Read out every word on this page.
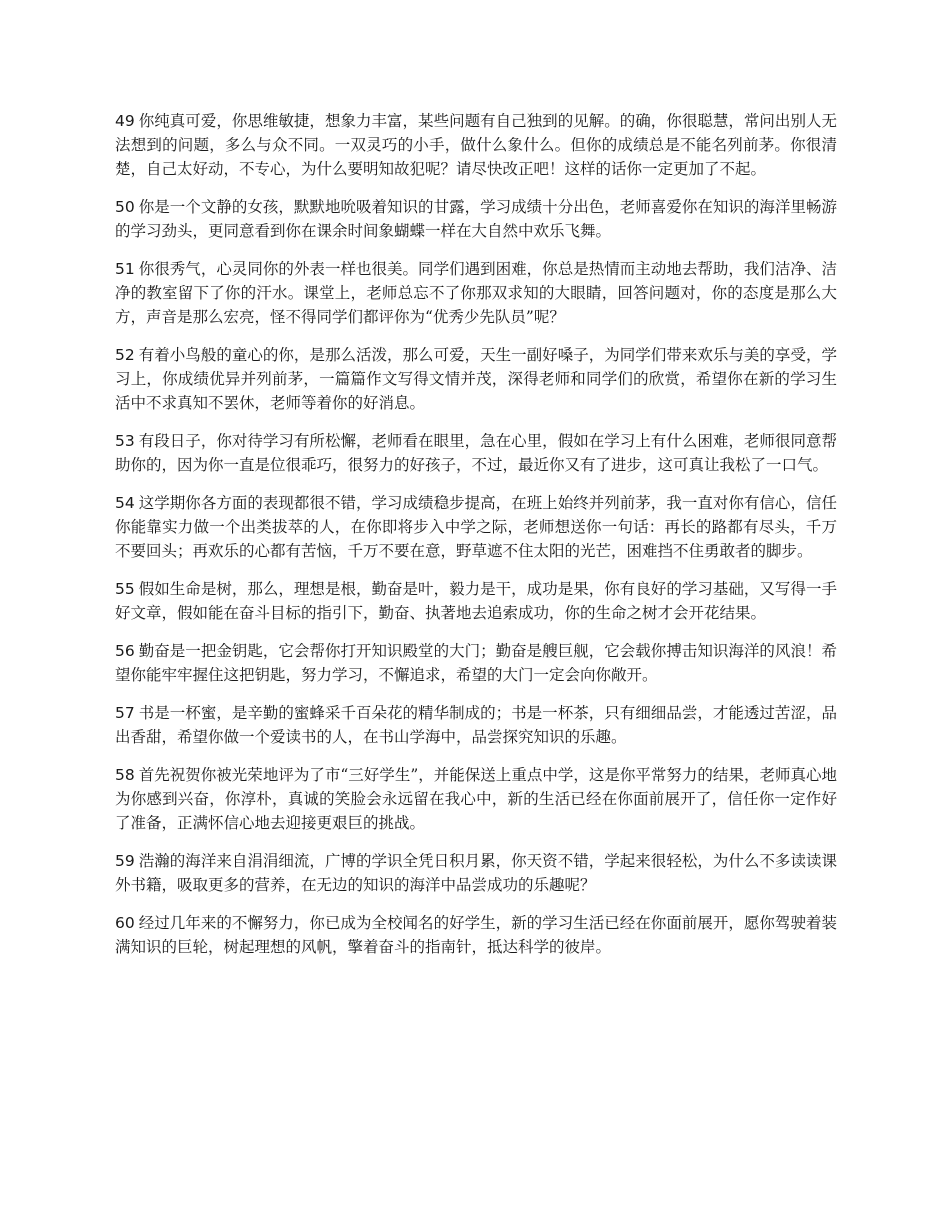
49 你纯真可爱，你思维敏捷，想象力丰富，某些问题有自己独到的见解。的确，你很聪慧，常问出别人无法想到的问题，多么与众不同。一双灵巧的小手，做什么象什么。但你的成绩总是不能名列前茅。你很清楚，自己太好动，不专心，为什么要明知故犯呢？请尽快改正吧！这样的话你一定更加了不起。

50 你是一个文静的女孩，默默地吮吸着知识的甘露，学习成绩十分出色，老师喜爱你在知识的海洋里畅游的学习劲头，更同意看到你在课余时间象蝴蝶一样在大自然中欢乐飞舞。

51 你很秀气，心灵同你的外表一样也很美。同学们遇到困难，你总是热情而主动地去帮助，我们洁净、洁净的教室留下了你的汗水。课堂上，老师总忘不了你那双求知的大眼睛，回答问题对，你的态度是那么大方，声音是那么宏亮，怪不得同学们都评你为“优秀少先队员”呢？

52 有着小鸟般的童心的你，是那么活泼，那么可爱，天生一副好嗓子，为同学们带来欢乐与美的享受，学习上，你成绩优异并列前茅，一篇篇作文写得文情并茂，深得老师和同学们的欣赏，希望你在新的学习生活中不求真知不罢休，老师等着你的好消息。

53 有段日子，你对待学习有所松懈，老师看在眼里，急在心里，假如在学习上有什么困难，老师很同意帮助你的，因为你一直是位很乖巧，很努力的好孩子，不过，最近你又有了进步，这可真让我松了一口气。

54 这学期你各方面的表现都很不错，学习成绩稳步提高，在班上始终并列前茅，我一直对你有信心，信任你能靠实力做一个出类拔萃的人，在你即将步入中学之际，老师想送你一句话：再长的路都有尽头，千万不要回头；再欢乐的心都有苦恼，千万不要在意，野草遮不住太阳的光芒，困难挡不住勇敢者的脚步。

55 假如生命是树，那么，理想是根，勤奋是叶，毅力是干，成功是果，你有良好的学习基础，又写得一手好文章，假如能在奋斗目标的指引下，勤奋、执著地去追索成功，你的生命之树才会开花结果。

56 勤奋是一把金钥匙，它会帮你打开知识殿堂的大门；勤奋是艘巨舰，它会载你搏击知识海洋的风浪！希望你能牢牢握住这把钥匙，努力学习，不懈追求，希望的大门一定会向你敞开。

57 书是一杯蜜，是辛勤的蜜蜂采千百朵花的精华制成的；书是一杯茶，只有细细品尝，才能透过苦涩，品出香甜，希望你做一个爱读书的人，在书山学海中，品尝探究知识的乐趣。

58 首先祝贺你被光荣地评为了市“三好学生”，并能保送上重点中学，这是你平常努力的结果，老师真心地为你感到兴奋，你淳朴，真诚的笑脸会永远留在我心中，新的生活已经在你面前展开了，信任你一定作好了准备，正满怀信心地去迎接更艰巨的挑战。

59 浩瀚的海洋来自涓涓细流，广博的学识全凭日积月累，你天资不错，学起来很轻松，为什么不多读读课外书籍，吸取更多的营养，在无边的知识的海洋中品尝成功的乐趣呢？

60 经过几年来的不懈努力，你已成为全校闻名的好学生，新的学习生活已经在你面前展开，愿你驾驶着装满知识的巨轮，树起理想的风帆，擎着奋斗的指南针，抵达科学的彼岸。
